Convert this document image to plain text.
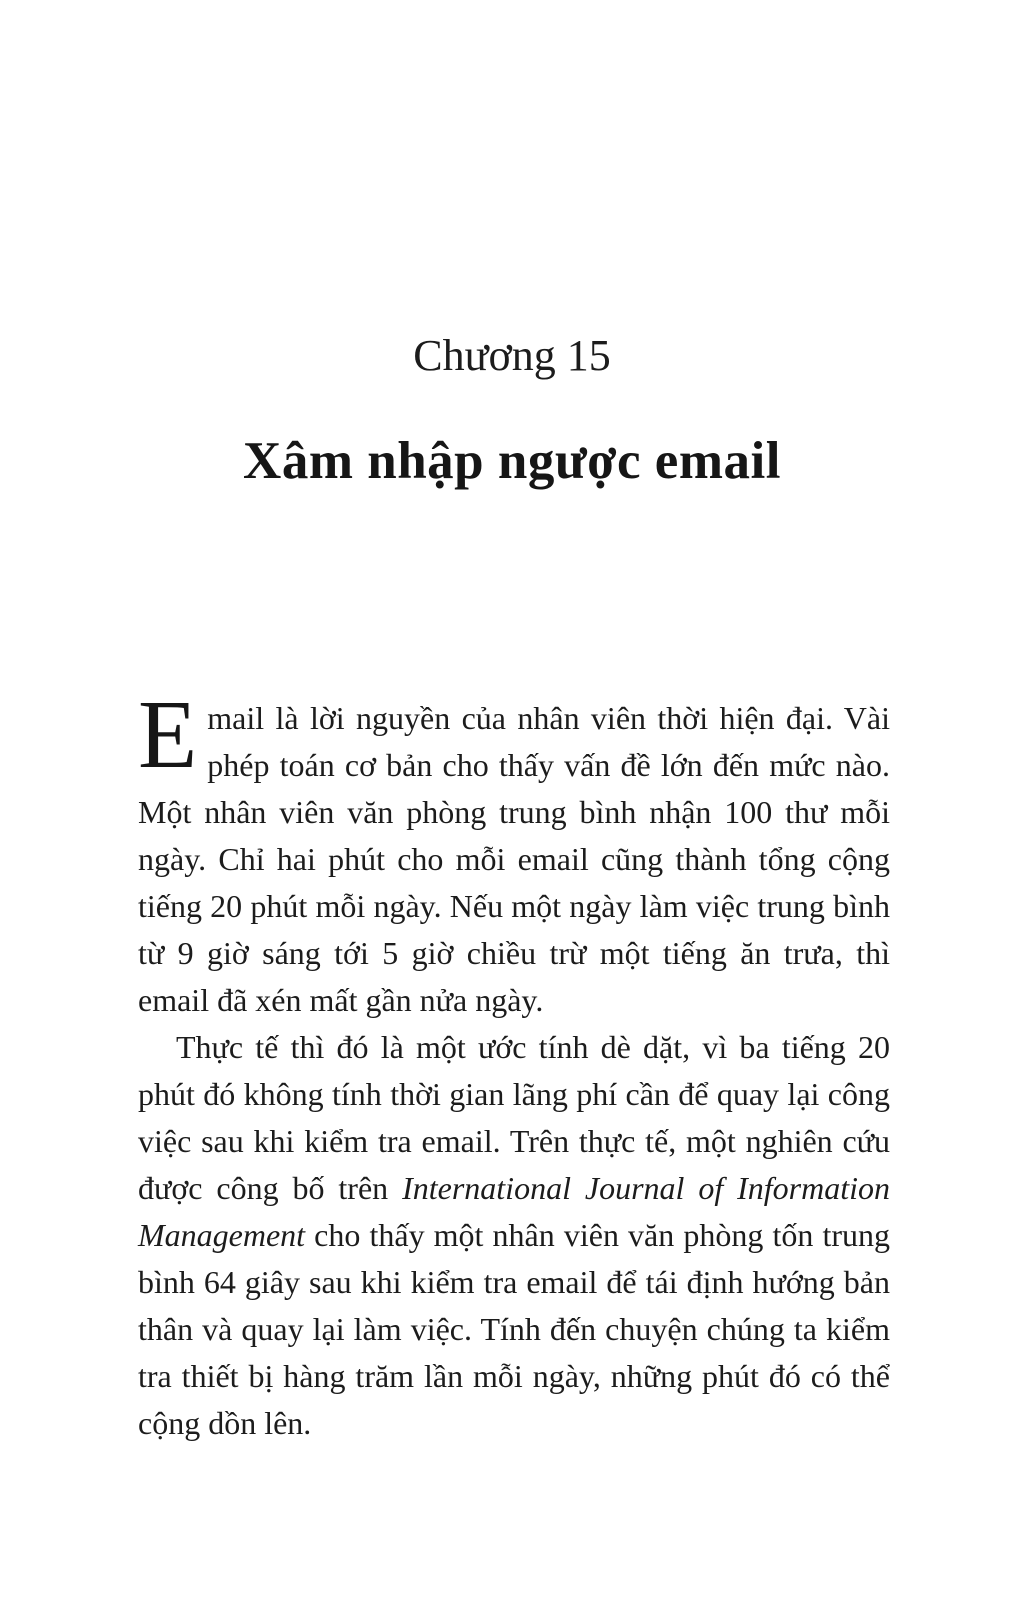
Chương 15
Xâm nhập ngược email

Email là lời nguyền của nhân viên thời hiện đại. Vài phép toán cơ bản cho thấy vấn đề lớn đến mức nào. Một nhân viên văn phòng trung bình nhận 100 thư mỗi ngày. Chỉ hai phút cho mỗi email cũng thành tổng cộng tiếng 20 phút mỗi ngày. Nếu một ngày làm việc trung bình từ 9 giờ sáng tới 5 giờ chiều trừ một tiếng ăn trưa, thì email đã xén mất gần nửa ngày.

Thực tế thì đó là một ước tính dè dặt, vì ba tiếng 20 phút đó không tính thời gian lãng phí cần để quay lại công việc sau khi kiểm tra email. Trên thực tế, một nghiên cứu được công bố trên International Journal of Information Management cho thấy một nhân viên văn phòng tốn trung bình 64 giây sau khi kiểm tra email để tái định hướng bản thân và quay lại làm việc. Tính đến chuyện chúng ta kiểm tra thiết bị hàng trăm lần mỗi ngày, những phút đó có thể cộng dồn lên.
